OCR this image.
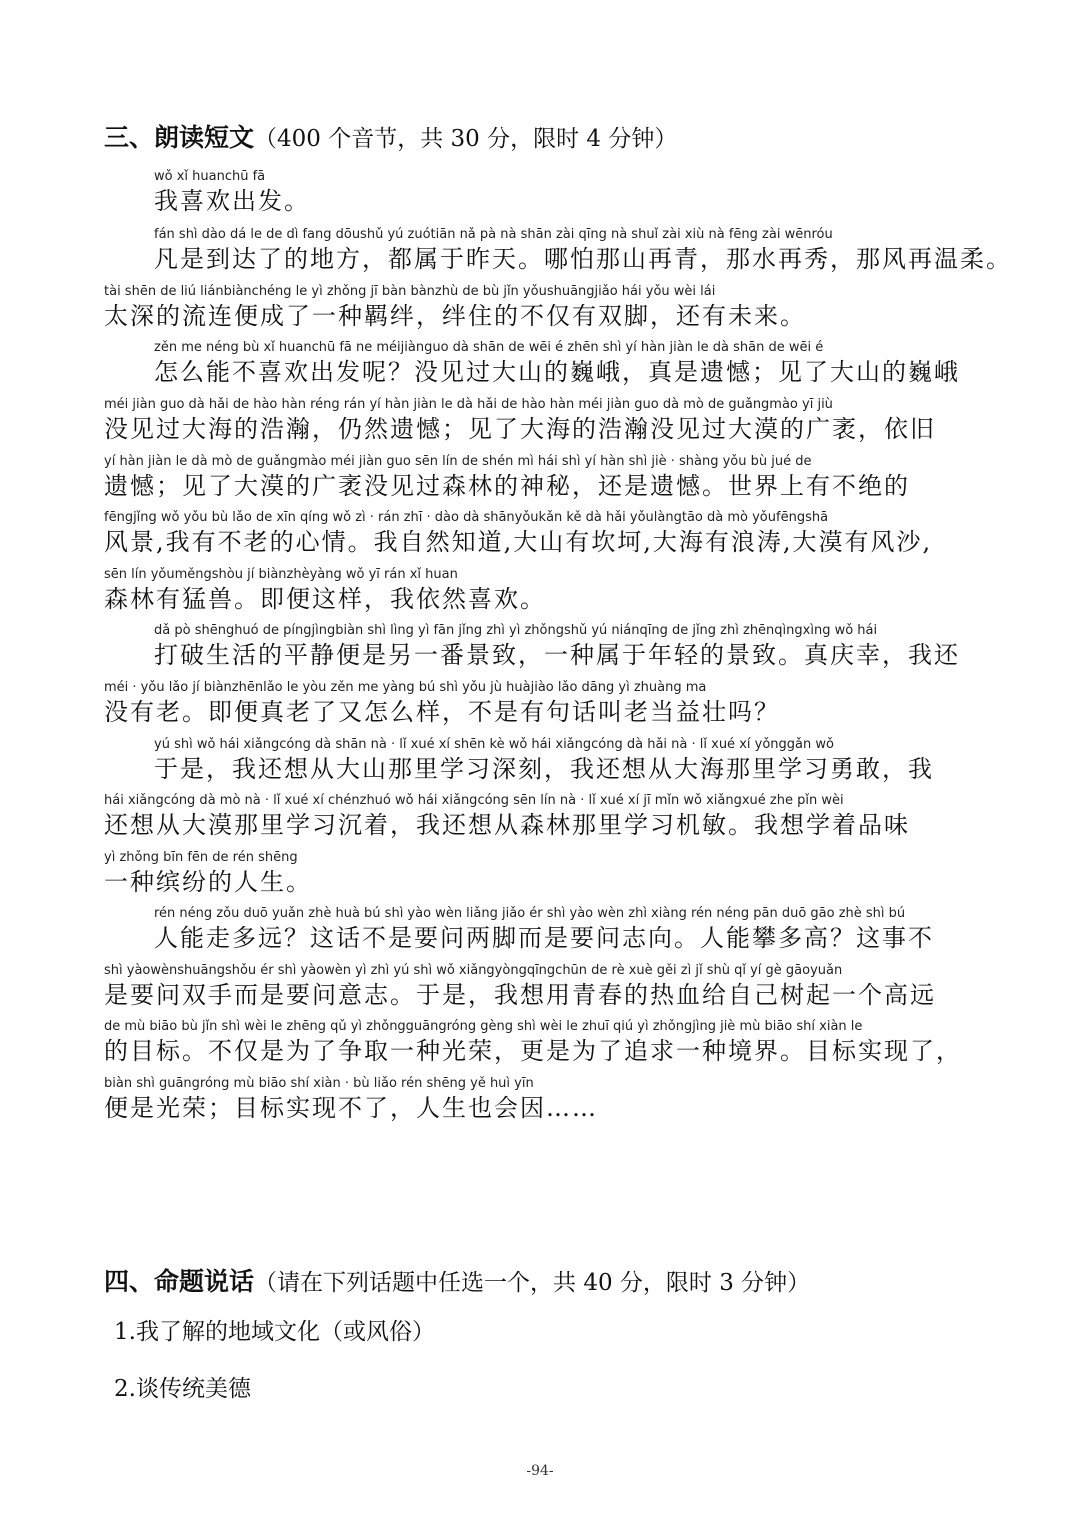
三、朗读短文（400 个音节，共 30 分，限时 4 分钟）
wǒ xǐ huanchū fā
我喜欢出发。
fán shì dào dá le de dì fang dōushǔ yú zuótiān nǎ pà nà shān zài qīng nà shuǐ zài xiù nà fēng zài wēnróu
凡是到达了的地方，都属于昨天。哪怕那山再青，那水再秀，那风再温柔。
tài shēn de liú liánbiànchéng le yì zhǒng jī bàn bànzhù de bù jǐn yǒushuāngjiǎo hái yǒu wèi lái
太深的流连便成了一种羁绊，绊住的不仅有双脚，还有未来。
zěn me néng bù xǐ huanchū fā ne méijiànguo dà shān de wēi é zhēn shì yí hàn jiàn le dà shān de wēi é
怎么能不喜欢出发呢？没见过大山的巍峨，真是遗憾；见了大山的巍峨
méi jiàn guo dà hǎi de hào hàn réng rán yí hàn jiàn le dà hǎi de hào hàn méi jiàn guo dà mò de guǎngmào yī jiù
没见过大海的浩瀚，仍然遗憾；见了大海的浩瀚没见过大漠的广袤，依旧
yí hàn jiàn le dà mò de guǎngmào méi jiàn guo sēn lín de shén mì hái shì yí hàn shì jiè · shàng yǒu bù jué de
遗憾；见了大漠的广袤没见过森林的神秘，还是遗憾。世界上有不绝的
fēngjǐng wǒ yǒu bù lǎo de xīn qíng wǒ zì · rán zhī · dào dà shānyǒukǎn kě dà hǎi yǒulàngtāo dà mò yǒufēngshā
风景,我有不老的心情。我自然知道,大山有坎坷,大海有浪涛,大漠有风沙,
sēn lín yǒuměngshòu jí biànzhèyàng wǒ yī rán xǐ huan
森林有猛兽。即便这样，我依然喜欢。
dǎ pò shēnghuó de píngjìngbiàn shì lìng yì fān jǐng zhì yì zhǒngshǔ yú niánqīng de jǐng zhì zhēnqìngxìng wǒ hái
打破生活的平静便是另一番景致，一种属于年轻的景致。真庆幸，我还
méi · yǒu lǎo jí biànzhēnlǎo le yòu zěn me yàng bú shì yǒu jù huàjiào lǎo dāng yì zhuàng ma
没有老。即便真老了又怎么样，不是有句话叫老当益壮吗？
yú shì wǒ hái xiǎngcóng dà shān nà · lǐ xué xí shēn kè wǒ hái xiǎngcóng dà hǎi nà · lǐ xué xí yǒnggǎn wǒ
于是，我还想从大山那里学习深刻，我还想从大海那里学习勇敢，我
hái xiǎngcóng dà mò nà · lǐ xué xí chénzhuó wǒ hái xiǎngcóng sēn lín nà · lǐ xué xí jī mǐn wǒ xiǎngxué zhe pǐn wèi
还想从大漠那里学习沉着，我还想从森林那里学习机敏。我想学着品味
yì zhǒng bīn fēn de rén shēng
一种缤纷的人生。
rén néng zǒu duō yuǎn zhè huà bú shì yào wèn liǎng jiǎo ér shì yào wèn zhì xiàng rén néng pān duō gāo zhè shì bú
人能走多远？这话不是要问两脚而是要问志向。人能攀多高？这事不
shì yàowènshuāngshǒu ér shì yàowèn yì zhì yú shì wǒ xiǎngyòngqīngchūn de rè xuè gěi zì jǐ shù qǐ yí gè gāoyuǎn
是要问双手而是要问意志。于是，我想用青春的热血给自己树起一个高远
de mù biāo bù jǐn shì wèi le zhēng qǔ yì zhǒngguāngróng gèng shì wèi le zhuī qiú yì zhǒngjìng jiè mù biāo shí xiàn le
的目标。不仅是为了争取一种光荣，更是为了追求一种境界。目标实现了，
biàn shì guāngróng mù biāo shí xiàn · bù liǎo rén shēng yě huì yīn
便是光荣；目标实现不了，人生也会因……
四、命题说话（请在下列话题中任选一个，共 40 分，限时 3 分钟）
1.我了解的地域文化（或风俗）
2.谈传统美德
-94-
